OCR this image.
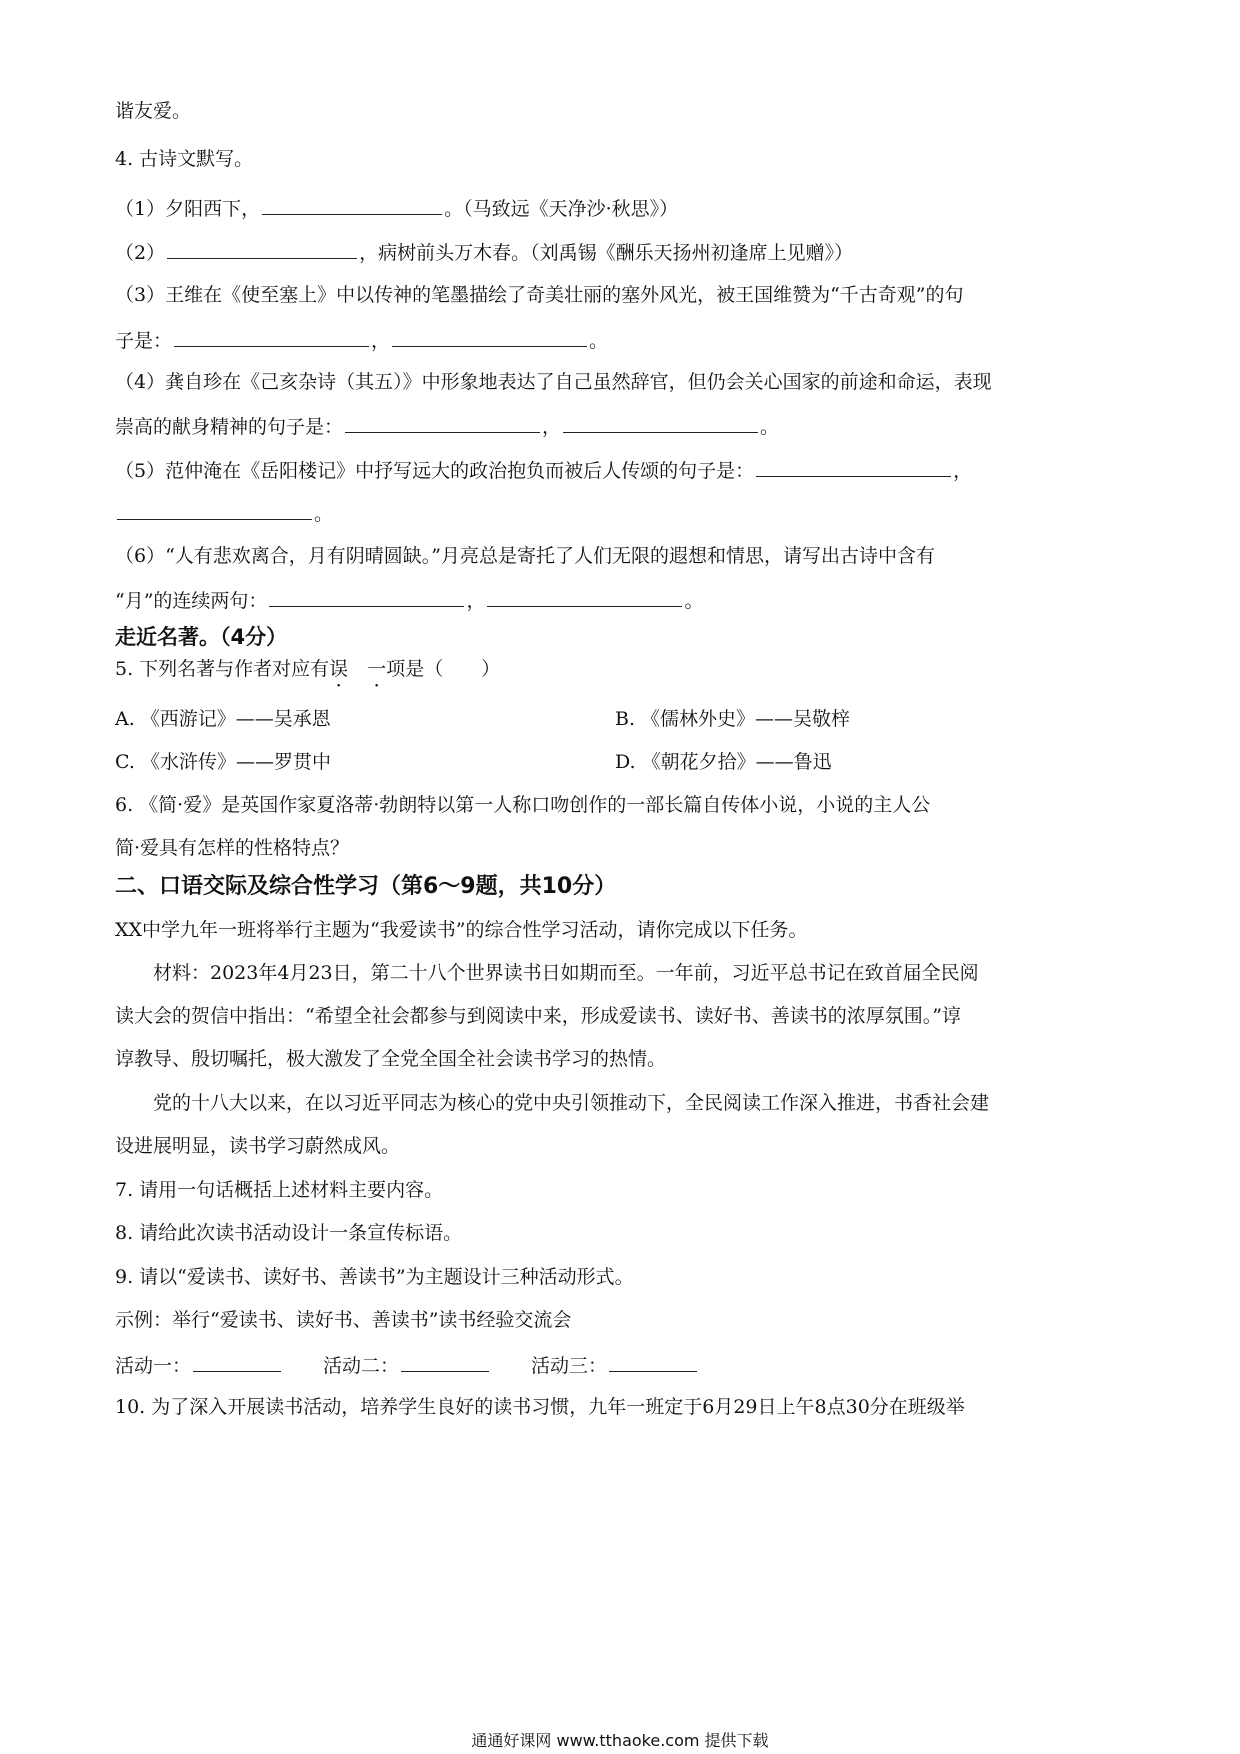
谐友爱。
4. 古诗文默写。
（1）夕阳西下，	。（马致远《天净沙·秋思》）
（2）	，病树前头万木春。（刘禹锡《酬乐天扬州初逢席上见赠》）
（3）王维在《使至塞上》中以传神的笔墨描绘了奇美壮丽的塞外风光，被王国维赞为“千古奇观”的句
子是：	，	。
（4）龚自珍在《己亥杂诗（其五）》中形象地表达了自己虽然辞官，但仍会关心国家的前途和命运，表现
崇高的献身精神的句子是：	，	。
（5）范仲淹在《岳阳楼记》中抒写远大的政治抱负而被后人传颂的句子是：	，
。
（6）“人有悲欢离合，月有阴晴圆缺。”月亮总是寄托了人们无限的遐想和情思，请写出古诗中含有
“月”的连续两句：	，	。
走近名著。（4分）
5. 下列名著与作者对应有误  一项是（　　）
A. 《西游记》——吴承恩	B. 《儒林外史》——吴敬梓
C. 《水浒传》——罗贯中	D. 《朝花夕拾》——鲁迅
6. 《简·爱》是英国作家夏洛蒂·勃朗特以第一人称口吻创作的一部长篇自传体小说，小说的主人公
简·爱具有怎样的性格特点？
二、口语交际及综合性学习（第6～9题，共10分）
XX中学九年一班将举行主题为“我爱读书”的综合性学习活动，请你完成以下任务。
材料：2023年4月23日，第二十八个世界读书日如期而至。一年前，习近平总书记在致首届全民阅
读大会的贺信中指出：“希望全社会都参与到阅读中来，形成爱读书、读好书、善读书的浓厚氛围。”谆
谆教导、殷切嘱托，极大激发了全党全国全社会读书学习的热情。
党的十八大以来，在以习近平同志为核心的党中央引领推动下，全民阅读工作深入推进，书香社会建
设进展明显，读书学习蔚然成风。
7. 请用一句话概括上述材料主要内容。
8. 请给此次读书活动设计一条宣传标语。
9. 请以“爱读书、读好书、善读书”为主题设计三种活动形式。
示例：举行“爱读书、读好书、善读书”读书经验交流会
活动一：	活动二：	活动三：
10. 为了深入开展读书活动，培养学生良好的读书习惯，九年一班定于6月29日上午8点30分在班级举
通通好课网 www.tthaoke.com 提供下载
